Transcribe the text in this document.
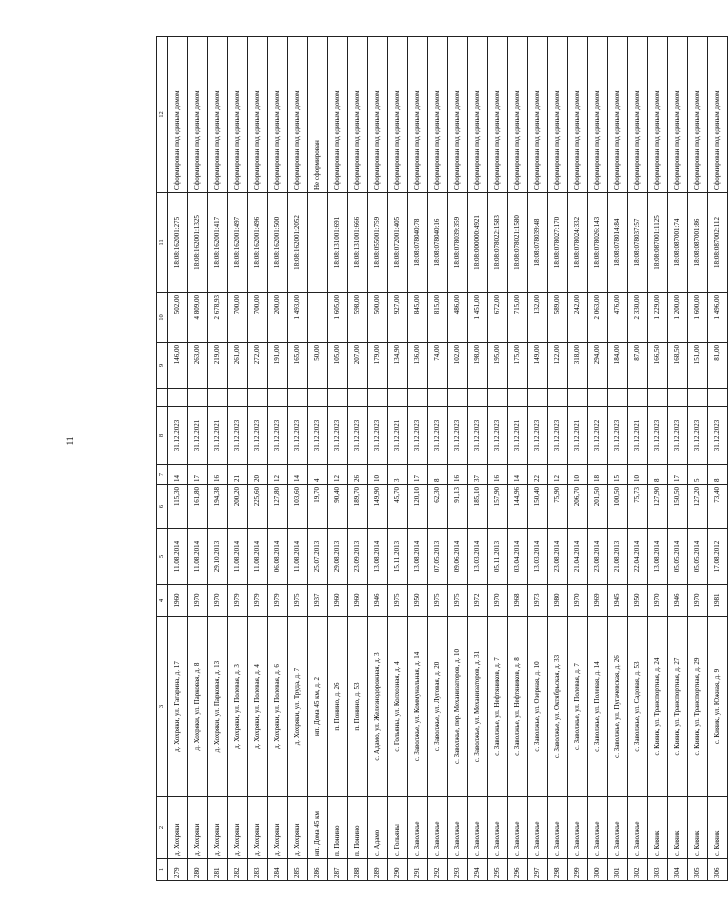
11
1	2	3	4	5	6	7	8		9	10	11	12
279	д. Хохряки	д. Хохряки, ул. Гагарина, д. 17	1960	11.08.2014	115,30	14	31.12.2023		146,00	502,00	18:08:162001:275	Сформирован под единым домом
280	д. Хохряки	д. Хохряки, ул. Парковая, д. 8	1970	11.08.2014	161,80	17	31.12.2021		263,00	4 809,00	18:08:162001:1325	Сформирован под единым домом
281	д. Хохряки	д. Хохряки, ул. Парковая, д. 13	1970	29.10.2013	194,38	16	31.12.2021		219,00	2 678,93	18:08:162001:417	Сформирован под единым домом
282	д. Хохряки	д. Хохряки, ул. Полевая, д. 3	1979	11.08.2014	200,20	21	31.12.2023		261,00	700,00	18:08:162001:497	Сформирован под единым домом
283	д. Хохряки	д. Хохряки, ул. Полевая, д. 4	1979	11.08.2014	225,60	20	31.12.2023		272,00	700,00	18:08:162001:496	Сформирован под единым домом
284	д. Хохряки	д. Хохряки, ул. Полевая, д. 6	1979	06.08.2014	127,80	12	31.12.2023		191,00	200,00	18:08:162001:500	Сформирован под единым домом
285	д. Хохряки	д. Хохряки, ул. Труда, д. 7	1975	11.08.2014	103,60	14	31.12.2023		165,00	1 493,00	18:08:162001:2052	Сформирован под единым домом
286	нп. Дома 45 км	нп. Дома 45 км, д. 2	1937	25.07.2013	19,70	4	31.12.2023		50,00			Не сформирован
287	п. Понино	п. Понино, д. 26	1960	29.08.2013	90,40	12	31.12.2023		105,00	1 605,00	18:08:131001:691	Сформирован под единым домом
288	п. Понино	п. Понино, д. 53	1960	23.09.2013	189,70	26	31.12.2023		207,00	598,00	18:08:131001:666	Сформирован под единым домом
289	с. Адамо	с. Адамо, ул. Железнодорожная, д. 3	1946	13.08.2014	149,90	10	31.12.2023		179,00	500,00	18:08:055001:759	Сформирован под единым домом
290	с. Гольяны	с. Гольяны, ул. Колхозная, д. 4	1975	15.11.2013	45,70	3	31.12.2021		134,90	927,00	18:08:072001:405	Сформирован под единым домом
291	с. Заволжье	с. Заволжье, ул. Коммунальная, д. 14	1950	13.08.2014	120,10	17	31.12.2023		136,00	845,00	18:08:078040:78	Сформирован под единым домом
292	с. Заволжье	с. Заволжье, ул. Луговая, д. 20	1975	07.05.2013	62,30	8	31.12.2023		74,00	815,00	18:08:078040:16	Сформирован под единым домом
293	с. Заволжье	с. Заволжье, пер. Механизаторов, д. 10	1975	09.06.2014	91,13	16	31.12.2023		102,00	486,00	18:08:078039:359	Сформирован под единым домом
294	с. Заволжье	с. Заволжье, ул. Механизаторов, д. 31	1972	13.03.2014	185,10	37	31.12.2023		198,00	1 451,00	18:08:000000:4921	Сформирован под единым домом
295	с. Заволжье	с. Заволжье, ул. Нефтяников, д. 7	1970	05.11.2013	157,90	16	31.12.2023		195,00	672,00	18:08:078022:1583	Сформирован под единым домом
296	с. Заволжье	с. Заволжье, ул. Нефтяников, д. 8	1968	03.04.2014	144,96	14	31.12.2021		175,00	715,00	18:08:078021:1580	Сформирован под единым домом
297	с. Заволжье	с. Заволжье, ул. Озерная, д. 10	1973	13.03.2014	150,40	22	31.12.2023		149,00	132,00	18:08:078039:48	Сформирован под единым домом
298	с. Заволжье	с. Заволжье, ул. Октябрьская, д. 33	1980	23.08.2014	75,90	12	31.12.2023		122,00	589,00	18:08:078027:170	Сформирован под единым домом
299	с. Заволжье	с. Заволжье, ул. Полевая, д. 7	1970	21.04.2014	206,70	10	31.12.2021		318,00	242,00	18:08:078024:332	Сформирован под единым домом
300	с. Заволжье	с. Заволжье, ул. Полевая, д. 14	1969	23.08.2014	201,50	18	31.12.2022		294,00	2 063,00	18:08:078026:143	Сформирован под единым домом
301	с. Заволжье	с. Заволжье, ул. Пугачевская, д. 26	1945	21.08.2013	100,50	15	31.12.2023		184,00	476,00	18:08:078014:84	Сформирован под единым домом
302	с. Заволжье	с. Заволжье, ул. Садовая, д. 53	1950	22.04.2014	75,73	10	31.12.2021		87,00	2 330,00	18:08:078037:57	Сформирован под единым домом
303	с. Кияик	с. Кияик, ул. Транспортная, д. 24	1970	13.08.2014	127,90	8	31.12.2023		166,50	1 229,00	18:08:087001:1125	Сформирован под единым домом
304	с. Кияик	с. Кияик, ул. Транспортная, д. 27	1946	05.05.2014	150,50	17	31.12.2023		168,50	1 200,00	18:08:087001:74	Сформирован под единым домом
305	с. Кияик	с. Кияик, ул. Транспортная, д. 29	1970	05.05.2014	127,20	5	31.12.2023		151,00	1 600,00	18:08:087001:86	Сформирован под единым домом
306	с. Кияик	с. Кияик, ул. Южная, д. 9	1981	17.08.2012	73,40	8	31.12.2023		81,00	1 496,00	18:08:087002:112	Сформирован под единым домом
